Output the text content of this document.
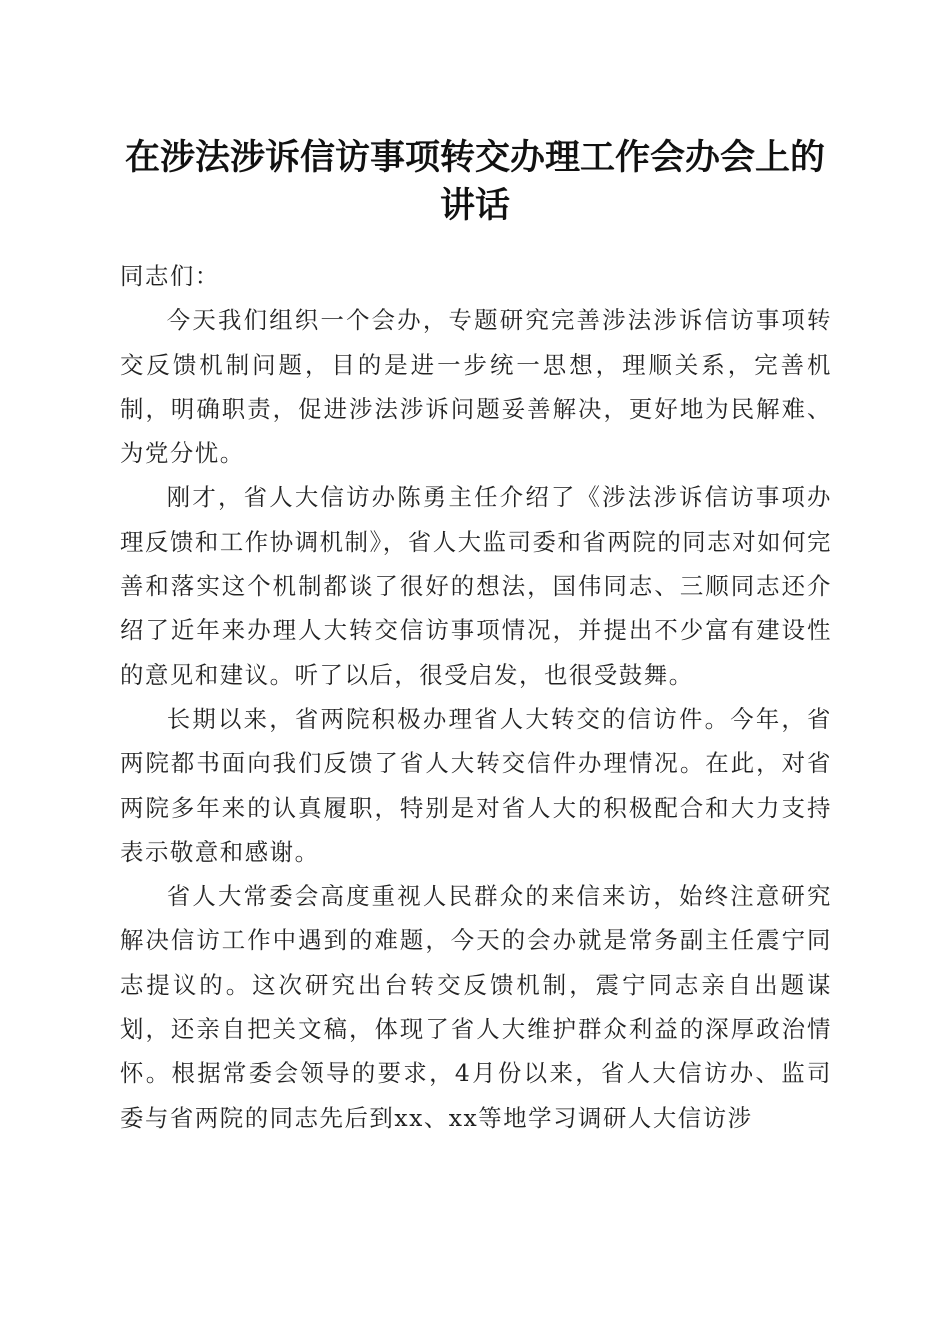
在涉法涉诉信访事项转交办理工作会办会上的
讲话

同志们：

今天我们组织一个会办，专题研究完善涉法涉诉信访事项转交反馈机制问题，目的是进一步统一思想，理顺关系，完善机制，明确职责，促进涉法涉诉问题妥善解决，更好地为民解难、为党分忧。

刚才，省人大信访办陈勇主任介绍了《涉法涉诉信访事项办理反馈和工作协调机制》，省人大监司委和省两院的同志对如何完善和落实这个机制都谈了很好的想法，国伟同志、三顺同志还介绍了近年来办理人大转交信访事项情况，并提出不少富有建设性的意见和建议。听了以后，很受启发，也很受鼓舞。

长期以来，省两院积极办理省人大转交的信访件。今年，省两院都书面向我们反馈了省人大转交信件办理情况。在此，对省两院多年来的认真履职，特别是对省人大的积极配合和大力支持表示敬意和感谢。

省人大常委会高度重视人民群众的来信来访，始终注意研究解决信访工作中遇到的难题，今天的会办就是常务副主任震宁同志提议的。这次研究出台转交反馈机制，震宁同志亲自出题谋划，还亲自把关文稿，体现了省人大维护群众利益的深厚政治情怀。根据常委会领导的要求，4月份以来，省人大信访办、监司委与省两院的同志先后到xx、xx等地学习调研人大信访涉
